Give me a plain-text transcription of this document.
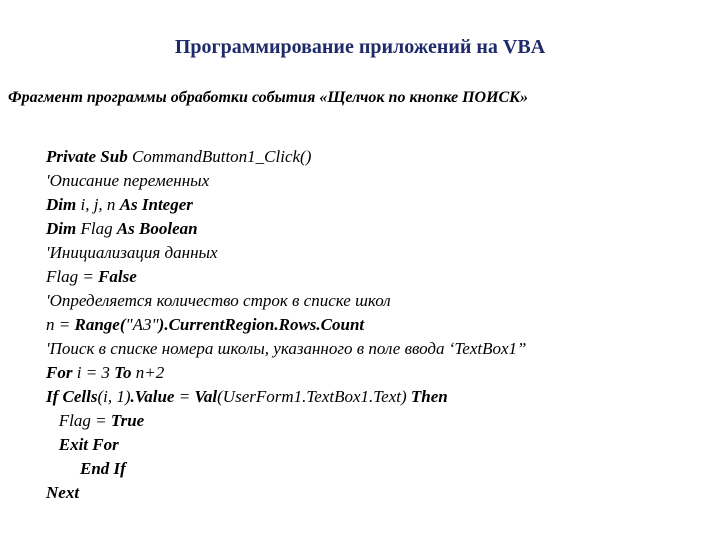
Программирование приложений на VBA
Фрагмент программы обработки события «Щелчок по кнопке ПОИСК»
Private Sub CommandButton1_Click()
'Описание переменных
Dim i, j, n As Integer
Dim Flag As Boolean
'Инициализация данных
Flag = False
'Определяется количество строк в списке школ
n = Range("A3").CurrentRegion.Rows.Count
'Поиск в списке номера школы, указанного в поле ввода ‘TextBox1”
For i = 3 To n+2
If Cells(i, 1).Value = Val(UserForm1.TextBox1.Text) Then
Flag = True
Exit For
End If
Next
